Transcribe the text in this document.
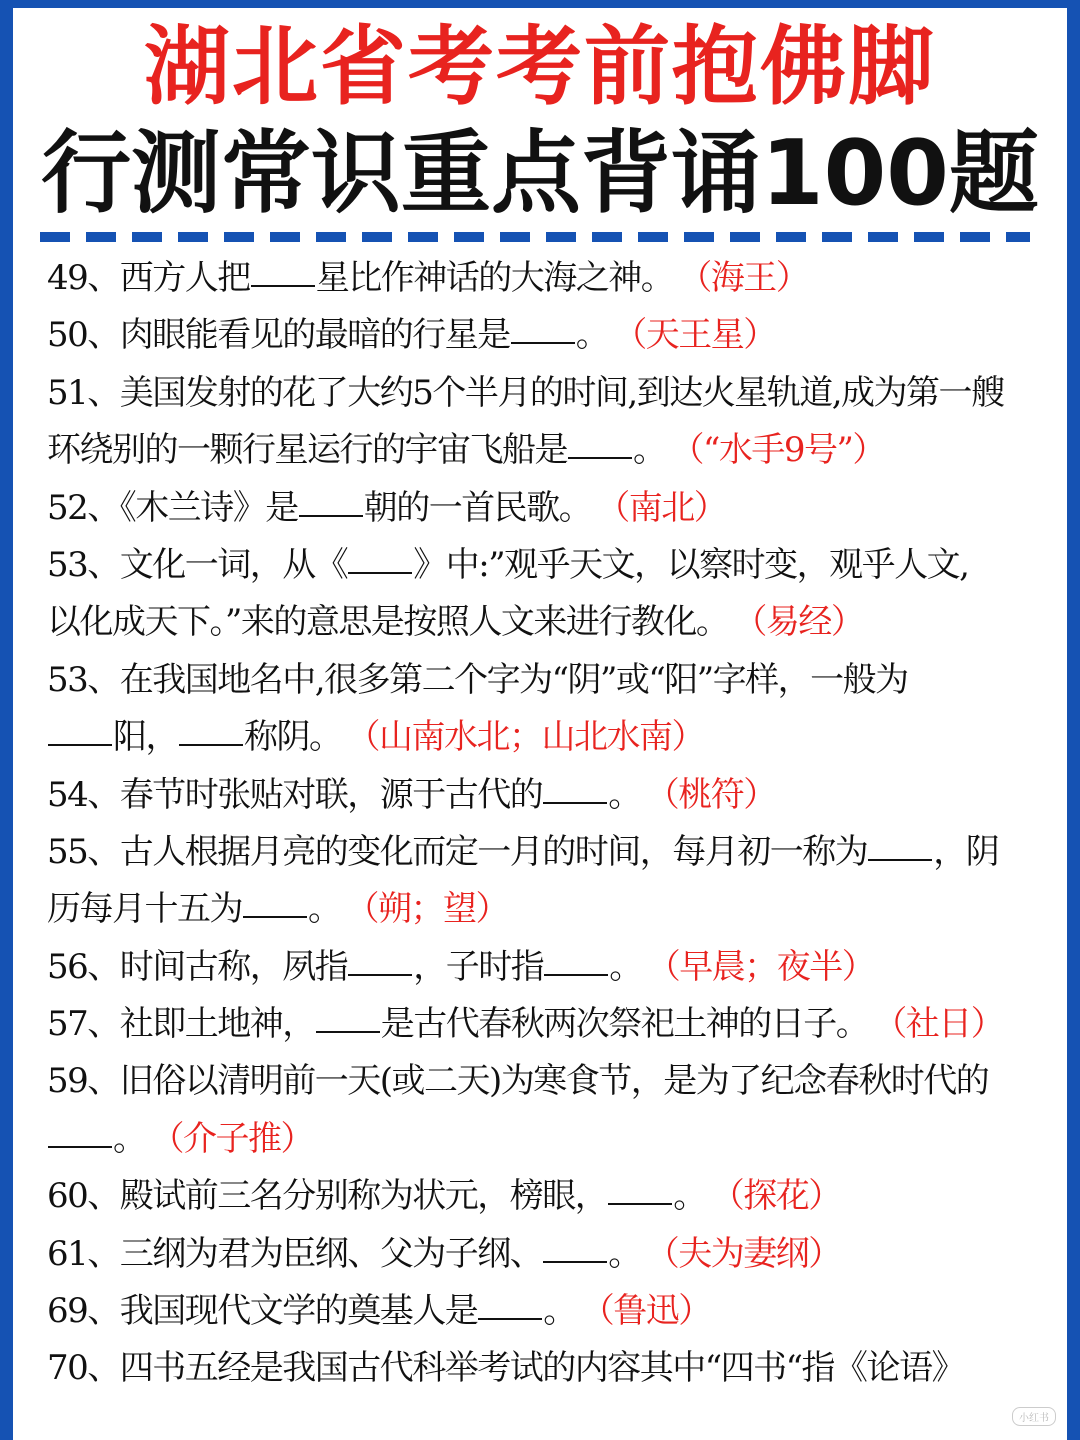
湖北省考考前抱佛脚
行测常识重点背诵100题
49、西方人把 星比作神话的大海之神。 （海王）
50、肉眼能看见的最暗的行星是 。 （天王星）
51、美国发射的花了大约5个半月的时间,到达火星轨道,成为第一艘
环绕别的一颗行星运行的宇宙飞船是 。 （“水手9号”）
52、《木兰诗》是 朝的一首民歌。 （南北）
53、文化一词，从《 》中:”观乎天文，以察时变，观乎人文,
以化成天下。”来的意思是按照人文来进行教化。 （易经）
53、在我国地名中,很多第二个字为“阴”或“阳”字样，一般为
阳， 称阴。 （山南水北；山北水南）
54、春节时张贴对联，源于古代的 。 （桃符）
55、古人根据月亮的变化而定一月的时间，每月初一称为 ，阴
历每月十五为 。 （朔；望）
56、时间古称，夙指 ，子时指 。 （早晨；夜半）
57、社即土地神， 是古代春秋两次祭祀土神的日子。 （社日）
59、旧俗以清明前一天(或二天)为寒食节，是为了纪念春秋时代的
。 （介子推）
60、殿试前三名分别称为状元，榜眼， 。 （探花）
61、三纲为君为臣纲、父为子纲、 。 （夫为妻纲）
69、我国现代文学的奠基人是 。 （鲁迅）
70、四书五经是我国古代科举考试的内容其中“四书“指《论语》
小红书
